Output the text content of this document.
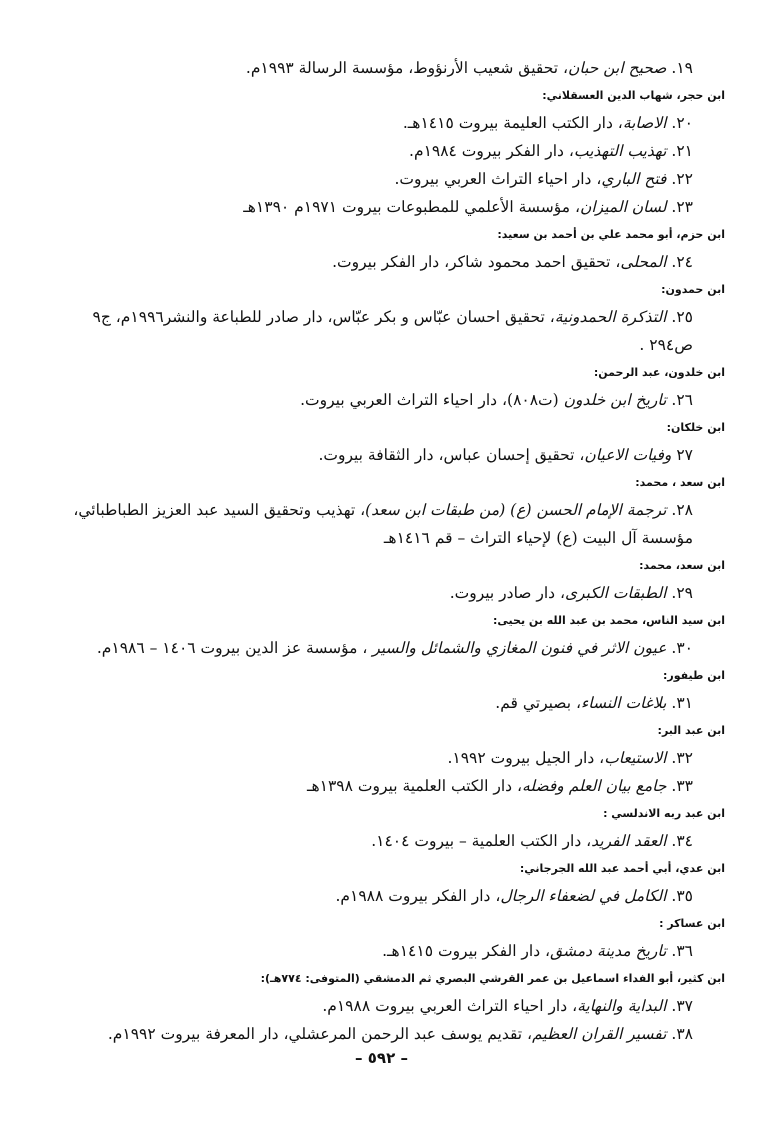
١٩. صحيح ابن حبان، تحقيق شعيب الأرنؤوط، مؤسسة الرسالة ١٩٩٣م.
ابن حجر، شهاب الدين العسقلاني:
٢٠. الاصابة، دار الكتب العليمة بيروت ١٤١٥هـ.
٢١. تهذيب التهذيب، دار الفكر بيروت ١٩٨٤م.
٢٢. فتح الباري، دار احياء التراث العربي بيروت.
٢٣. لسان الميزان، مؤسسة الأعلمي للمطبوعات بيروت ١٩٧١م ١٣٩٠هـ
ابن حزم، أبو محمد علي بن أحمد بن سعيد:
٢٤. المحلى، تحقيق احمد محمود شاكر، دار الفكر بيروت.
ابن حمدون:
٢٥. التذكرة الحمدونية، تحقيق احسان عبّاس و بكر عبّاس، دار صادر للطباعة والنشر١٩٩٦م، ج٩ ص٢٩٤ .
ابن خلدون، عبد الرحمن:
٢٦. تاريخ ابن خلدون (ت٨٠٨)، دار احياء التراث العربي بيروت.
ابن خلكان:
٢٧ وفيات الاعيان، تحقيق إحسان عباس، دار الثقافة بيروت.
ابن سعد ، محمد:
٢٨. ترجمة الإمام الحسن (ع) (من طبقات ابن سعد)، تهذيب وتحقيق السيد عبد العزيز الطباطبائي، مؤسسة آل البيت (ع) لإحياء التراث – قم ١٤١٦هـ
ابن سعد، محمد:
٢٩. الطبقات الكبرى، دار صادر بيروت.
ابن سيد الناس، محمد بن عبد الله بن يحيى:
٣٠. عيون الاثر في فنون المغازي والشمائل والسير ، مؤسسة عز الدين بيروت ١٤٠٦ – ١٩٨٦م.
ابن طيفور:
٣١. بلاغات النساء، بصيرتي قم.
ابن عبد البر:
٣٢. الاستيعاب، دار الجيل بيروت ١٩٩٢.
٣٣. جامع بيان العلم وفضله، دار الكتب العلمية بيروت ١٣٩٨هـ
ابن عبد ربه الاندلسي :
٣٤. العقد الفريد، دار الكتب العلمية – بيروت ١٤٠٤.
ابن عدي، أبي أحمد عبد الله الجرجاني:
٣٥. الكامل في لضعفاء الرجال، دار الفكر بيروت ١٩٨٨م.
ابن عساكر :
٣٦. تاريخ مدينة دمشق، دار الفكر بيروت ١٤١٥هـ.
ابن كثير، أبو الفداء اسماعيل بن عمر القرشي البصري ثم الدمشقي (المتوفى: ٧٧٤هـ):
٣٧. البداية والنهاية، دار احياء التراث العربي بيروت ١٩٨٨م.
٣٨. تفسير القران العظيم، تقديم يوسف عبد الرحمن المرعشلي، دار المعرفة بيروت ١٩٩٢م.
– ٥٩٢ –
